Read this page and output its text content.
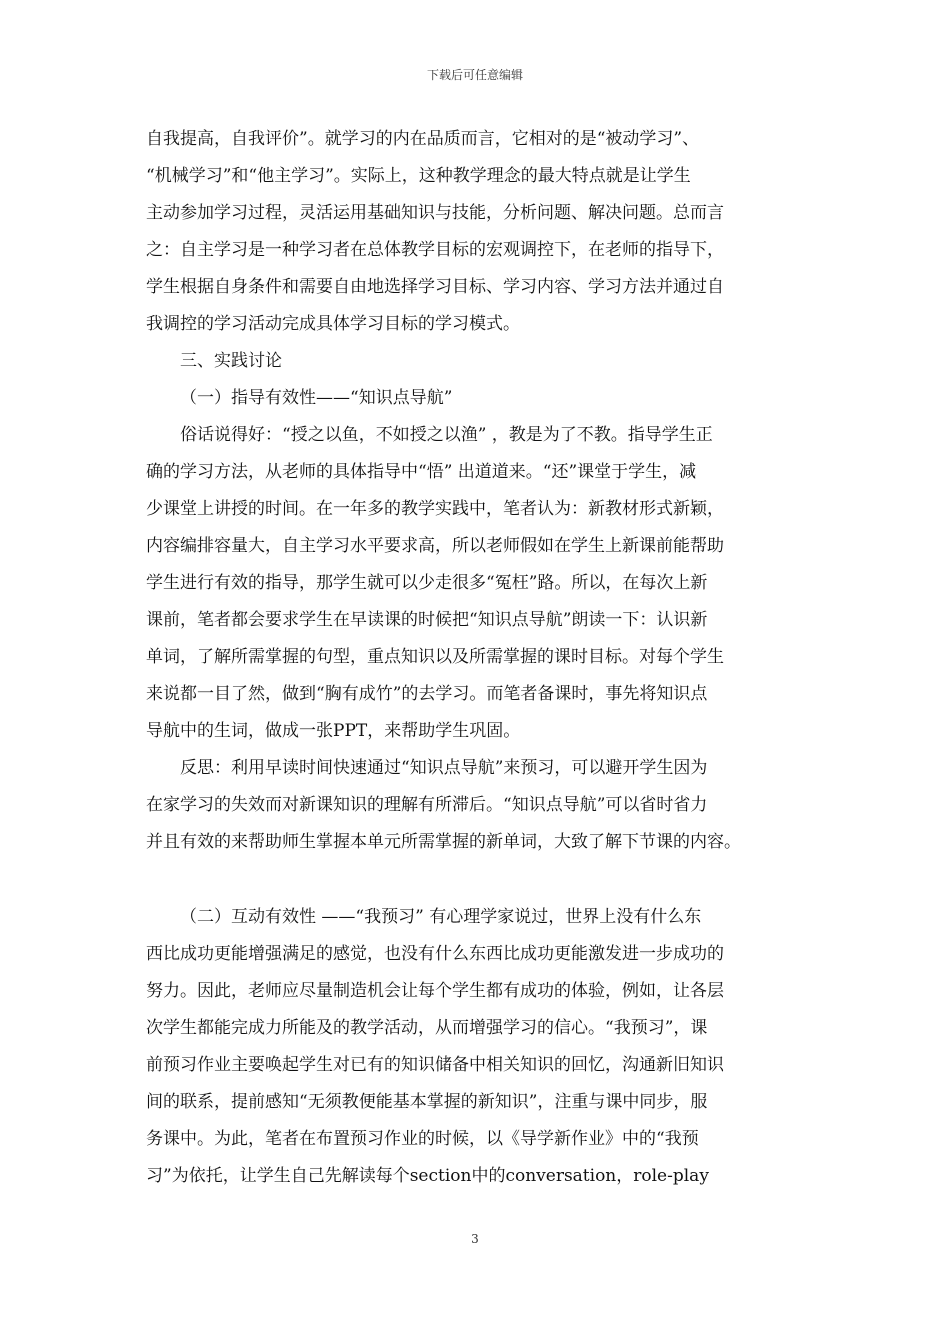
下载后可任意编辑
自我提高，自我评价”。就学习的内在品质而言，它相对的是“被动学习”、
“机械学习”和“他主学习”。实际上，这种教学理念的最大特点就是让学生
主动参加学习过程，灵活运用基础知识与技能，分析问题、解决问题。总而言
之：自主学习是一种学习者在总体教学目标的宏观调控下，在老师的指导下，
学生根据自身条件和需要自由地选择学习目标、学习内容、学习方法并通过自
我调控的学习活动完成具体学习目标的学习模式。
三、实践讨论
（一）指导有效性——“知识点导航”
俗话说得好：“授之以鱼，不如授之以渔” ，教是为了不教。指导学生正
确的学习方法，从老师的具体指导中“悟” 出道道来。“还”课堂于学生，减
少课堂上讲授的时间。在一年多的教学实践中，笔者认为：新教材形式新颖，
内容编排容量大，自主学习水平要求高，所以老师假如在学生上新课前能帮助
学生进行有效的指导，那学生就可以少走很多“冤枉”路。所以，在每次上新
课前，笔者都会要求学生在早读课的时候把“知识点导航”朗读一下：认识新
单词，了解所需掌握的句型，重点知识以及所需掌握的课时目标。对每个学生
来说都一目了然，做到“胸有成竹”的去学习。而笔者备课时，事先将知识点
导航中的生词，做成一张PPT，来帮助学生巩固。
反思：利用早读时间快速通过“知识点导航”来预习，可以避开学生因为
在家学习的失效而对新课知识的理解有所滞后。“知识点导航”可以省时省力
并且有效的来帮助师生掌握本单元所需掌握的新单词，大致了解下节课的内容。
（二）互动有效性 ——“我预习” 有心理学家说过，世界上没有什么东
西比成功更能增强满足的感觉，也没有什么东西比成功更能激发进一步成功的
努力。因此，老师应尽量制造机会让每个学生都有成功的体验，例如，让各层
次学生都能完成力所能及的教学活动，从而增强学习的信心。“我预习”，课
前预习作业主要唤起学生对已有的知识储备中相关知识的回忆，沟通新旧知识
间的联系，提前感知“无须教便能基本掌握的新知识”，注重与课中同步，服
务课中。为此，笔者在布置预习作业的时候，以《导学新作业》中的“我预
习”为依托，让学生自己先解读每个section中的conversation，role-play
3
